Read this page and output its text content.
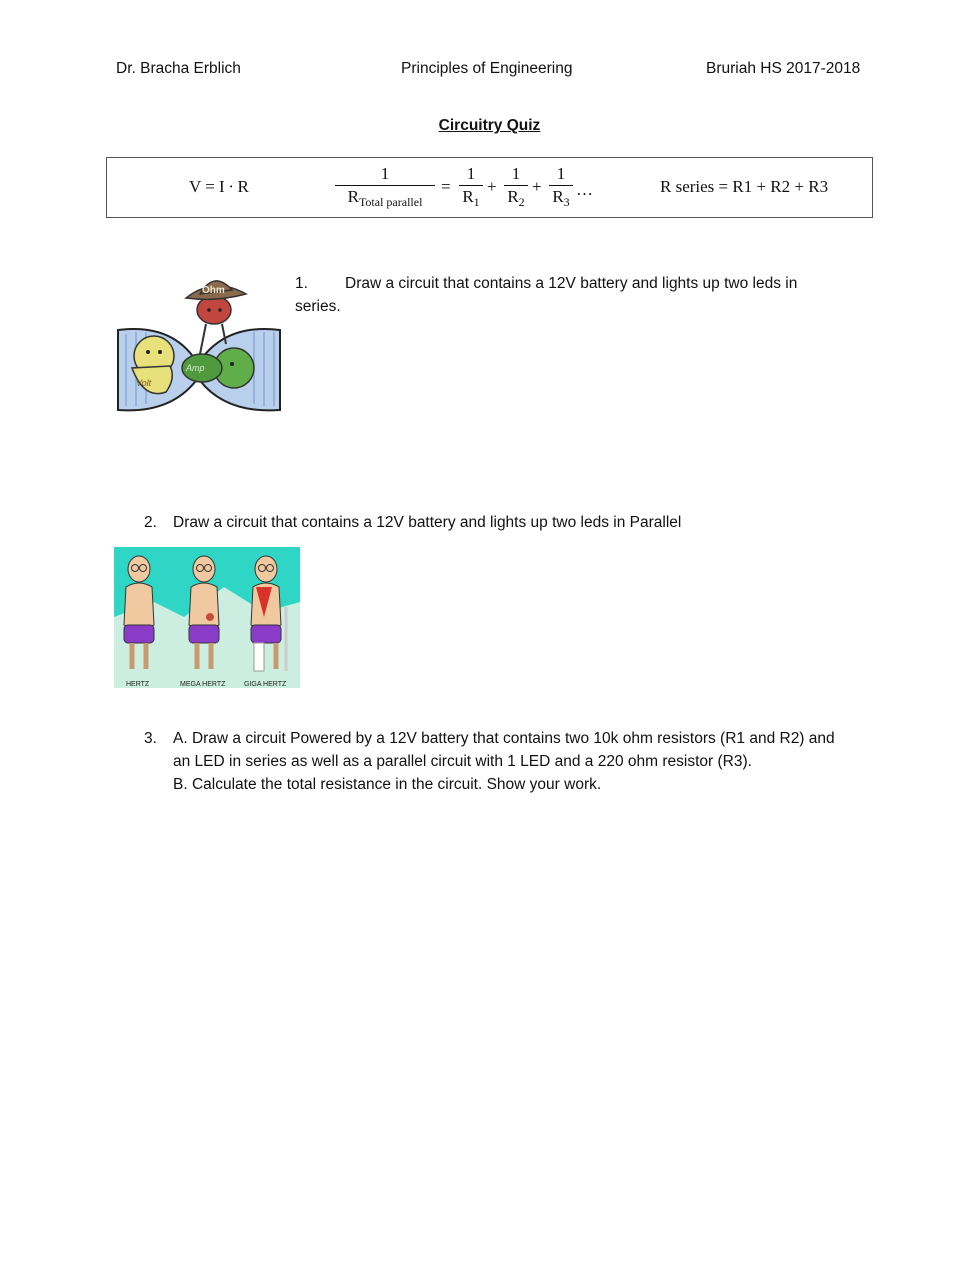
Dr. Bracha Erblich	Principles of Engineering	Bruriah HS 2017-2018
Circuitry Quiz
V = I ∙ R
1
$R_{Total parallel}$
= $\frac{1}{R_1} + \frac{1}{R_2} + \frac{1}{R_3}$ …	R series = R1 + R2 + R3
Volt
Amp
Ohm	1. Draw a circuit that contains a 12V battery and lights up two leds in

series.
2. Draw a circuit that contains a 12V battery and lights up two leds in Parallel
HERTZ	MEGA HERTZ	GIGA HERTZ
3. A. Draw a circuit Powered by a 12V battery that contains two 10k ohm resistors (R1 and R2) and
an LED in series as well as a parallel circuit with 1 LED and a 220 ohm resistor (R3).
B. Calculate the total resistance in the circuit. Show your work.
